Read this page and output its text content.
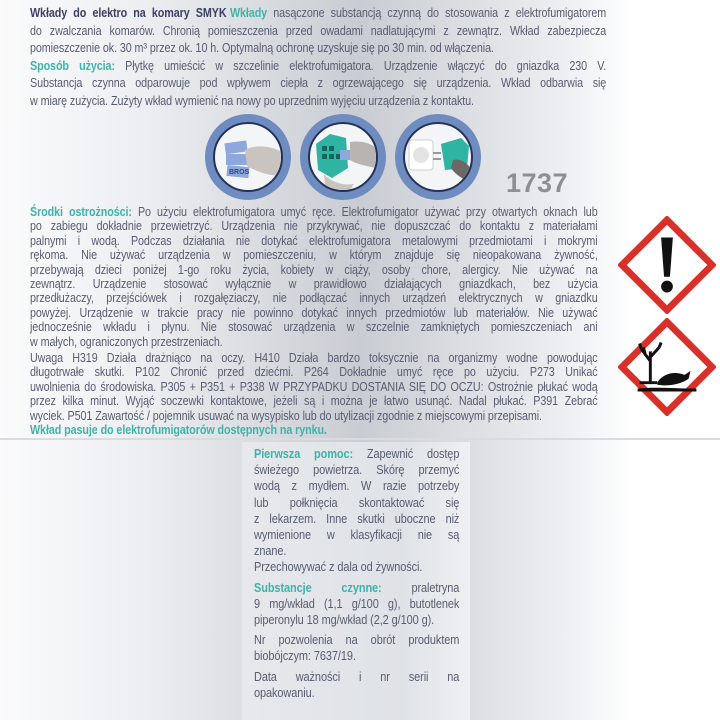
Wkłady do elektro na komary SMYK Wkłady nasączone substancją czynną do stosowania z elektrofumigatorem
do zwalczania komarów. Chronią pomieszczenia przed owadami nadlatującymi z zewnątrz. Wkład zabezpiecza
pomieszczenie ok. 30 m³ przez ok. 10 h. Optymalną ochronę uzyskuje się po 30 min. od włączenia.
Sposób użycia: Płytkę umieścić w szczelinie elektrofumigatora. Urządzenie włączyć do gniazdka 230 V.
Substancja czynna odparowuje pod wpływem ciepła z ogrzewającego się urządzenia. Wkład odbarwia się
w miarę zużycia. Zużyty wkład wymienić na nowy po uprzednim wyjęciu urządzenia z kontaktu.
BROS	1737
Środki ostrożności: Po użyciu elektrofumigatora umyć ręce. Elektrofumigator używać przy otwartych oknach lub
po zabiegu dokładnie przewietrzyć. Urządzenia nie przykrywać, nie dopuszczać do kontaktu z materiałami
palnymi i wodą. Podczas działania nie dotykać elektrofumigatora metalowymi przedmiotami i mokrymi
rękoma. Nie używać urządzenia w pomieszczeniu, w którym znajduje się nieopakowana żywność,
przebywają dzieci poniżej 1-go roku życia, kobiety w ciąży, osoby chore, alergicy. Nie używać na
zewnątrz. Urządzenie stosować wyłącznie w prawidłowo działających gniazdkach, bez użycia
przedłużaczy, przejściówek i rozgałęziaczy, nie podłączać innych urządzeń elektrycznych w gniazdku
powyżej. Urządzenie w trakcie pracy nie powinno dotykać innych przedmiotów lub materiałów. Nie używać
jednocześnie wkładu i płynu. Nie stosować urządzenia w szczelnie zamkniętych pomieszczeniach ani
w małych, ograniczonych przestrzeniach.
Uwaga H319 Działa drażniąco na oczy. H410 Działa bardzo toksycznie na organizmy wodne powodując
długotrwałe skutki. P102 Chronić przed dziećmi. P264 Dokładnie umyć ręce po użyciu. P273 Unikać
uwolnienia do środowiska. P305 + P351 + P338 W PRZYPADKU DOSTANIA SIĘ DO OCZU: Ostrożnie płukać wodą
przez kilka minut. Wyjąć soczewki kontaktowe, jeżeli są i można je łatwo usunąć. Nadal płukać. P391 Zebrać
wyciek. P501 Zawartość / pojemnik usuwać na wysypisko lub do utylizacji zgodnie z miejscowymi przepisami.
Wkład pasuje do elektrofumigatorów dostępnych na rynku.
Pierwsza pomoc: Zapewnić dostęp
świeżego powietrza. Skórę przemyć
wodą z mydłem. W razie potrzeby
lub połknięcia skontaktować się
z lekarzem. Inne skutki uboczne niż
wymienione w klasyfikacji nie są
znane.
Przechowywać z dala od żywności.
Substancje czynne: praletryna
9 mg/wkład (1,1 g/100 g), butotlenek
piperonylu 18 mg/wkład (2,2 g/100 g).
Nr pozwolenia na obrót produktem
biobójczym: 7637/19.
Data ważności i nr serii na
opakowaniu.
